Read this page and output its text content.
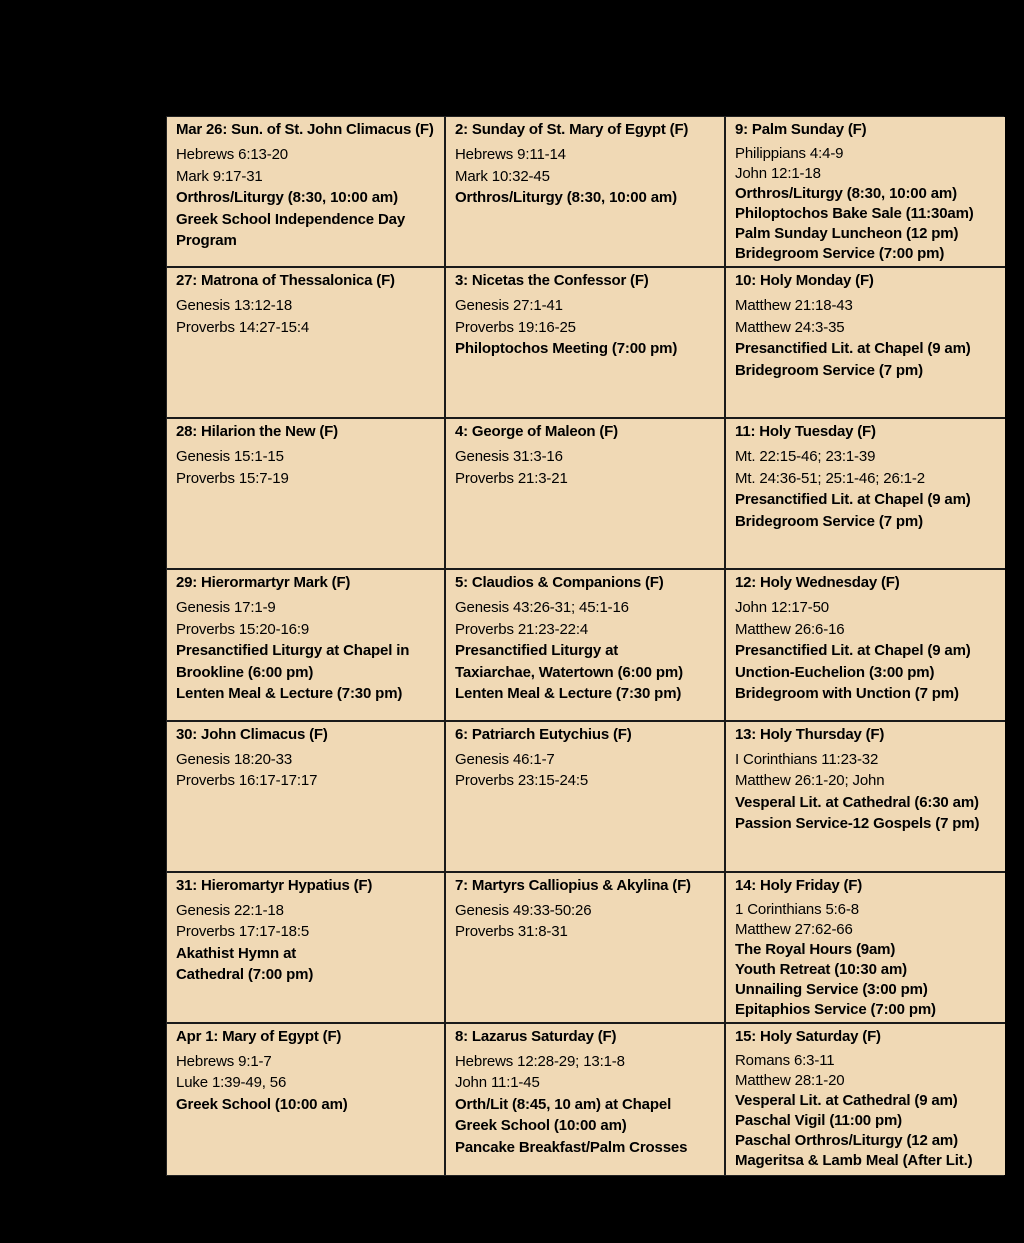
Mar 26: Sun. of St. John Climacus (F)
Hebrews 6:13-20
Mark 9:17-31
Orthros/Liturgy (8:30, 10:00 am)
Greek School Independence Day
Program
2: Sunday of St. Mary of Egypt (F)
Hebrews 9:11-14
Mark 10:32-45
Orthros/Liturgy (8:30, 10:00 am)
9: Palm Sunday (F)
Philippians 4:4-9
John 12:1-18
Orthros/Liturgy (8:30, 10:00 am)
Philoptochos Bake Sale (11:30am)
Palm Sunday Luncheon (12 pm)
Bridegroom Service (7:00 pm)
27: Matrona of Thessalonica (F)
Genesis 13:12-18
Proverbs 14:27-15:4
3: Nicetas the Confessor (F)
Genesis 27:1-41
Proverbs 19:16-25
Philoptochos Meeting (7:00 pm)
10: Holy Monday (F)
Matthew 21:18-43
Matthew 24:3-35
Presanctified Lit. at Chapel (9 am)
Bridegroom Service (7 pm)
28: Hilarion the New (F)
Genesis 15:1-15
Proverbs 15:7-19
4: George of Maleon (F)
Genesis 31:3-16
Proverbs 21:3-21
11: Holy Tuesday (F)
Mt. 22:15-46; 23:1-39
Mt. 24:36-51; 25:1-46; 26:1-2
Presanctified Lit. at Chapel (9 am)
Bridegroom Service (7 pm)
29: Hierormartyr Mark (F)
Genesis 17:1-9
Proverbs 15:20-16:9
Presanctified Liturgy at Chapel in
Brookline (6:00 pm)
Lenten Meal & Lecture (7:30 pm)
5: Claudios & Companions (F)
Genesis 43:26-31; 45:1-16
Proverbs 21:23-22:4
Presanctified Liturgy at
Taxiarchae, Watertown (6:00 pm)
Lenten Meal & Lecture (7:30 pm)
12: Holy Wednesday (F)
John 12:17-50
Matthew 26:6-16
Presanctified Lit. at Chapel (9 am)
Unction-Euchelion (3:00 pm)
Bridegroom with Unction (7 pm)
30: John Climacus (F)
Genesis 18:20-33
Proverbs 16:17-17:17
6: Patriarch Eutychius (F)
Genesis 46:1-7
Proverbs 23:15-24:5
13: Holy Thursday (F)
I Corinthians 11:23-32
Matthew 26:1-20; John
Vesperal Lit. at Cathedral (6:30 am)
Passion Service-12 Gospels (7 pm)
31: Hieromartyr Hypatius (F)
Genesis 22:1-18
Proverbs 17:17-18:5
Akathist Hymn at
Cathedral (7:00 pm)
7: Martyrs Calliopius & Akylina (F)
Genesis 49:33-50:26
Proverbs 31:8-31
14: Holy Friday (F)
1 Corinthians 5:6-8
Matthew 27:62-66
The Royal Hours (9am)
Youth Retreat (10:30 am)
Unnailing Service (3:00 pm)
Epitaphios Service (7:00 pm)
Apr 1: Mary of Egypt (F)
Hebrews 9:1-7
Luke 1:39-49, 56
Greek School (10:00 am)
8: Lazarus Saturday (F)
Hebrews 12:28-29; 13:1-8
John 11:1-45
Orth/Lit (8:45, 10 am) at Chapel
Greek School (10:00 am)
Pancake Breakfast/Palm Crosses
15: Holy Saturday (F)
Romans 6:3-11
Matthew 28:1-20
Vesperal Lit. at Cathedral (9 am)
Paschal Vigil (11:00 pm)
Paschal Orthros/Liturgy (12 am)
Mageritsa & Lamb Meal (After Lit.)
